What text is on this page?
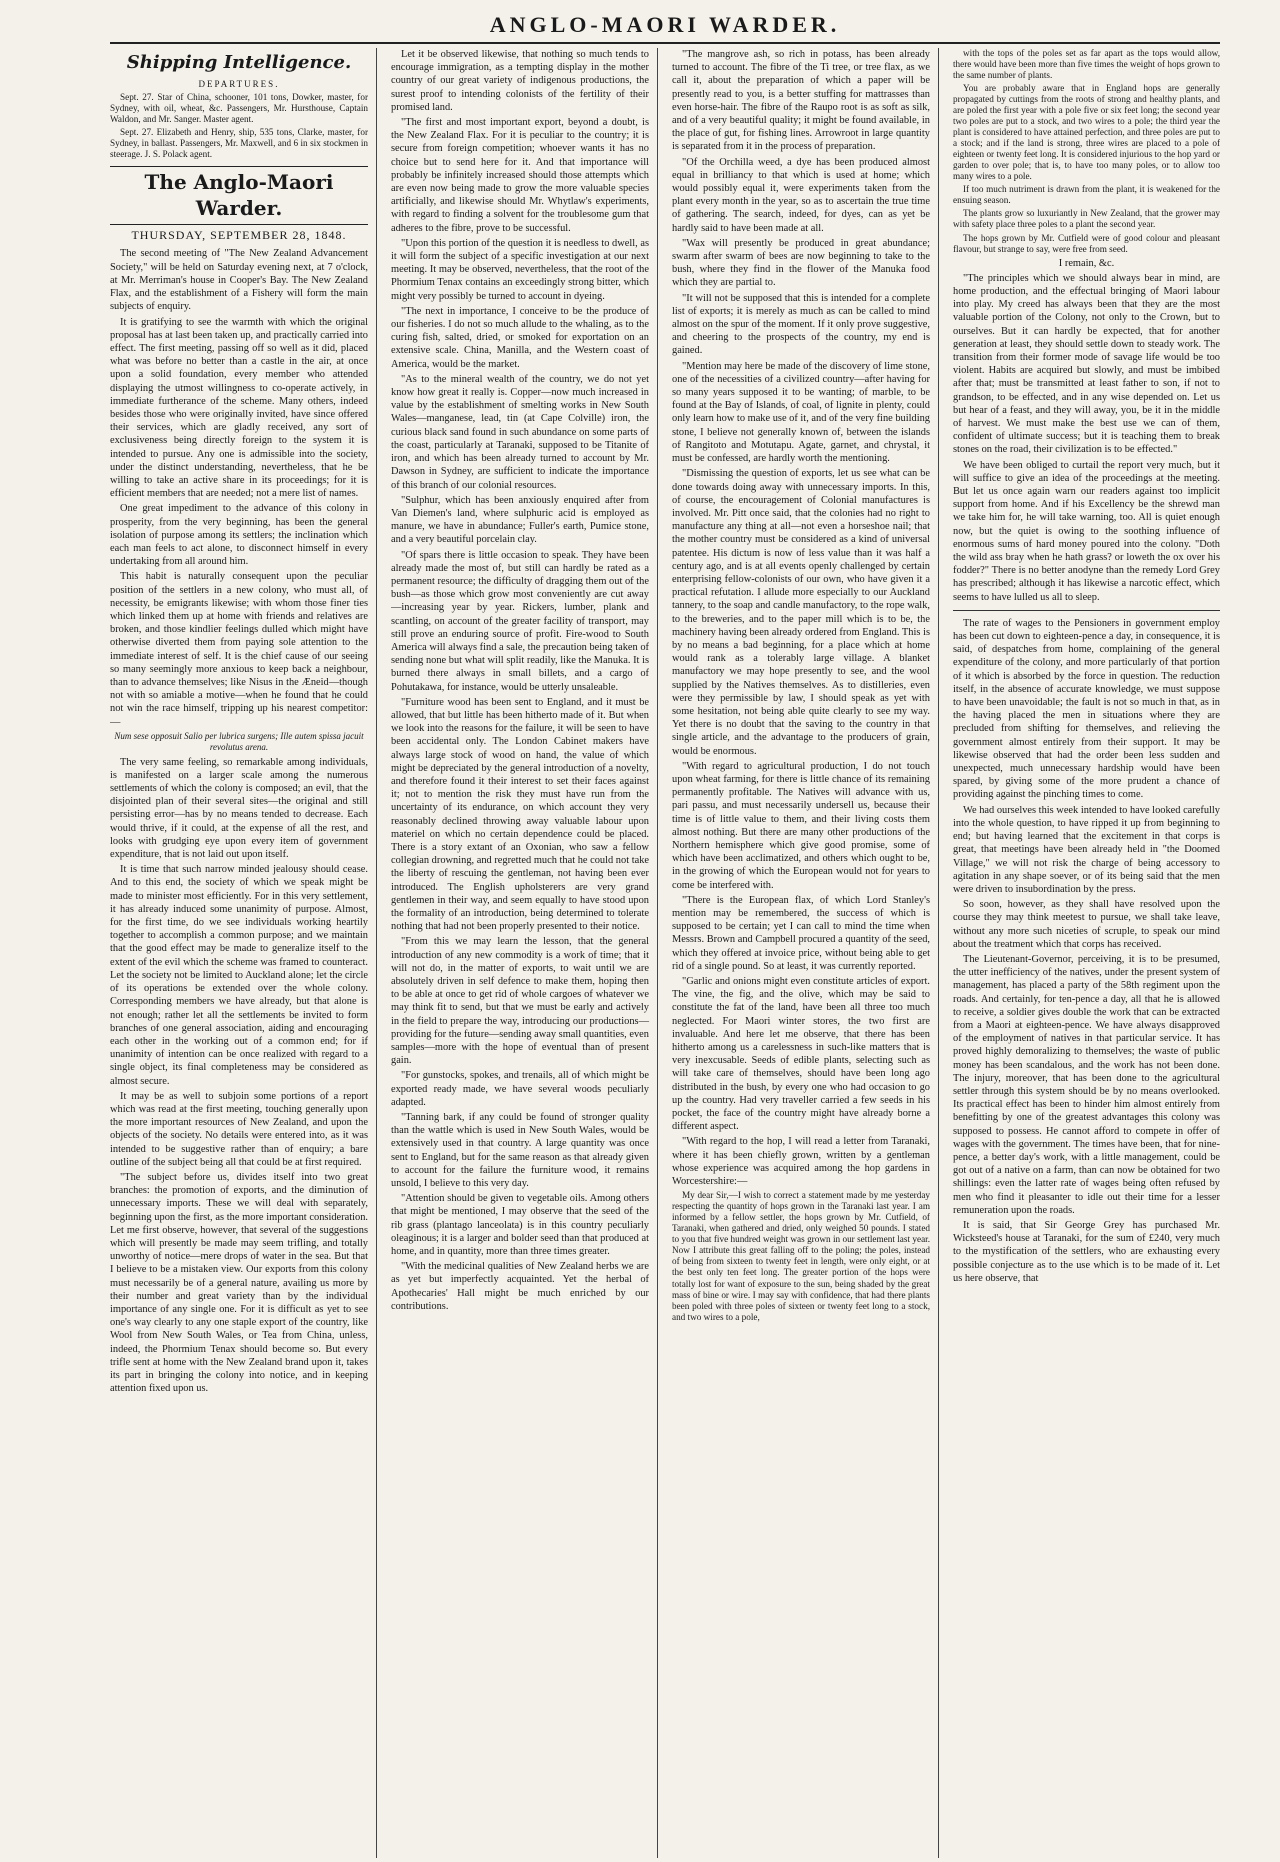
ANGLO-MAORI WARDER.
Shipping Intelligence.
DEPARTURES.

Sept. 27. Star of China, schooner, 101 tons, Dowker, master, for Sydney, with oil, wheat, &c. Passengers, Mr. Hursthouse, Captain Waldon, and Mr. Sanger. Master agent.

Sept. 27. Elizabeth and Henry, ship, 535 tons, Clarke, master, for Sydney, in ballast. Passengers, Mr. Maxwell, and 6 in six stockmen in steerage. J. S. Polack agent.

The Anglo-Maori Warder.
THURSDAY, SEPTEMBER 28, 1848.

The second meeting of "The New Zealand Advancement Society," will be held on Saturday evening next, at 7 o'clock, at Mr. Merriman's house in Cooper's Bay. The New Zealand Flax, and the establishment of a Fishery will form the main subjects of enquiry.

It is gratifying to see the warmth with which the original proposal has at last been taken up, and practically carried into effect. The first meeting, passing off so well as it did, placed what was before no better than a castle in the air, at once upon a solid foundation, every member who attended displaying the utmost willingness to co-operate actively, in immediate furtherance of the scheme. Many others, indeed besides those who were originally invited, have since offered their services, which are gladly received, any sort of exclusiveness being directly foreign to the system it is intended to pursue. Any one is admissible into the society, under the distinct understanding, nevertheless, that he be willing to take an active share in its proceedings; for it is efficient members that are needed; not a mere list of names.

One great impediment to the advance of this colony in prosperity, from the very beginning, has been the general isolation of purpose among its settlers; the inclination which each man feels to act alone, to disconnect himself in every undertaking from all around him.

This habit is naturally consequent upon the peculiar position of the settlers in a new colony, who must all, of necessity, be emigrants likewise; with whom those finer ties which linked them up at home with friends and relatives are broken, and those kindlier feelings dulled which might have otherwise diverted them from paying sole attention to the immediate interest of self. It is the chief cause of our seeing so many seemingly more anxious to keep back a neighbour, than to advance themselves; like Nisus in the Æneid—though not with so amiable a motive—when he found that he could not win the race himself, tripping up his nearest competitor:—

Num sese opposuit Salio per lubrica surgens; Ille autem spissa jacuit revolutus arena.

The very same feeling, so remarkable among individuals, is manifested on a larger scale among the numerous settlements of which the colony is composed; an evil, that the disjointed plan of their several sites—the original and still persisting error—has by no means tended to decrease. Each would thrive, if it could, at the expense of all the rest, and looks with grudging eye upon every item of government expenditure, that is not laid out upon itself.

It is time that such narrow minded jealousy should cease. And to this end, the society of which we speak might be made to minister most efficiently. For in this very settlement, it has already induced some unanimity of purpose. Almost, for the first time, do we see individuals working heartily together to accomplish a common purpose; and we maintain that the good effect may be made to generalize itself to the extent of the evil which the scheme was framed to counteract. Let the society not be limited to Auckland alone; let the circle of its operations be extended over the whole colony. Corresponding members we have already, but that alone is not enough; rather let all the settlements be invited to form branches of one general association, aiding and encouraging each other in the working out of a common end; for if unanimity of intention can be once realized with regard to a single object, its final completeness may be considered as almost secure.

It may be as well to subjoin some portions of a report which was read at the first meeting, touching generally upon the more important resources of New Zealand, and upon the objects of the society. No details were entered into, as it was intended to be suggestive rather than of enquiry; a bare outline of the subject being all that could be at first required.

"The subject before us, divides itself into two great branches: the promotion of exports, and the diminution of unnecessary imports. These we will deal with separately, beginning upon the first, as the more important consideration. Let me first observe, however, that several of the suggestions which will presently be made may seem trifling, and totally unworthy of notice—mere drops of water in the sea. But that I believe to be a mistaken view. Our exports from this colony must necessarily be of a general nature, availing us more by their number and great variety than by the individual importance of any single one. For it is difficult as yet to see one's way clearly to any one staple export of the country, like Wool from New South Wales, or Tea from China, unless, indeed, the Phormium Tenax should become so. But every trifle sent at home with the New Zealand brand upon it, takes its part in bringing the colony into notice, and in keeping attention fixed upon us.

Let it be observed likewise, that nothing so much tends to encourage immigration, as a tempting display in the mother country of our great variety of indigenous productions, the surest proof to intending colonists of the fertility of their promised land.

"The first and most important export, beyond a doubt, is the New Zealand Flax. For it is peculiar to the country; it is secure from foreign competition; whoever wants it has no choice but to send here for it. And that importance will probably be infinitely increased should those attempts which are even now being made to grow the more valuable species artificially, and likewise should Mr. Whytlaw's experiments, with regard to finding a solvent for the troublesome gum that adheres to the fibre, prove to be successful.

"Upon this portion of the question it is needless to dwell, as it will form the subject of a specific investigation at our next meeting. It may be observed, nevertheless, that the root of the Phormium Tenax contains an exceedingly strong bitter, which might very possibly be turned to account in dyeing.

"The next in importance, I conceive to be the produce of our fisheries. I do not so much allude to the whaling, as to the curing fish, salted, dried, or smoked for exportation on an extensive scale. China, Manilla, and the Western coast of America, would be the market.

"As to the mineral wealth of the country, we do not yet know how great it really is. Copper—now much increased in value by the establishment of smelting works in New South Wales—manganese, lead, tin (at Cape Colville) iron, the curious black sand found in such abundance on some parts of the coast, particularly at Taranaki, supposed to be Titanite of iron, and which has been already turned to account by Mr. Dawson in Sydney, are sufficient to indicate the importance of this branch of our colonial resources.

"Sulphur, which has been anxiously enquired after from Van Diemen's land, where sulphuric acid is employed as manure, we have in abundance; Fuller's earth, Pumice stone, and a very beautiful porcelain clay.

"Of spars there is little occasion to speak. They have been already made the most of, but still can hardly be rated as a permanent resource; the difficulty of dragging them out of the bush—as those which grow most conveniently are cut away—increasing year by year. Rickers, lumber, plank and scantling, on account of the greater facility of transport, may still prove an enduring source of profit. Fire-wood to South America will always find a sale, the precaution being taken of sending none but what will split readily, like the Manuka. It is burned there always in small billets, and a cargo of Pohutakawa, for instance, would be utterly unsaleable.

"Furniture wood has been sent to England, and it must be allowed, that but little has been hitherto made of it. But when we look into the reasons for the failure, it will be seen to have been accidental only. The London Cabinet makers have always large stock of wood on hand, the value of which might be depreciated by the general introduction of a novelty, and therefore found it their interest to set their faces against it; not to mention the risk they must have run from the uncertainty of its endurance, on which account they very reasonably declined throwing away valuable labour upon materiel on which no certain dependence could be placed. There is a story extant of an Oxonian, who saw a fellow collegian drowning, and regretted much that he could not take the liberty of rescuing the gentleman, not having been ever introduced. The English upholsterers are very grand gentlemen in their way, and seem equally to have stood upon the formality of an introduction, being determined to tolerate nothing that had not been properly presented to their notice.

"From this we may learn the lesson, that the general introduction of any new commodity is a work of time; that it will not do, in the matter of exports, to wait until we are absolutely driven in self defence to make them, hoping then to be able at once to get rid of whole cargoes of whatever we may think fit to send, but that we must be early and actively in the field to prepare the way, introducing our productions—providing for the future—sending away small quantities, even samples—more with the hope of eventual than of present gain.

"For gunstocks, spokes, and trenails, all of which might be exported ready made, we have several woods peculiarly adapted.

"Tanning bark, if any could be found of stronger quality than the wattle which is used in New South Wales, would be extensively used in that country. A large quantity was once sent to England, but for the same reason as that already given to account for the failure the furniture wood, it remains unsold, I believe to this very day.

"Attention should be given to vegetable oils. Among others that might be mentioned, I may observe that the seed of the rib grass (plantago lanceolata) is in this country peculiarly oleaginous; it is a larger and bolder seed than that produced at home, and in quantity, more than three times greater.

"With the medicinal qualities of New Zealand herbs we are as yet but imperfectly acquainted. Yet the herbal of Apothecaries' Hall might be much enriched by our contributions.

"The mangrove ash, so rich in potass, has been already turned to account. The fibre of the Ti tree, or tree flax, as we call it, about the preparation of which a paper will be presently read to you, is a better stuffing for mattrasses than even horse-hair. The fibre of the Raupo root is as soft as silk, and of a very beautiful quality; it might be found available, in the place of gut, for fishing lines. Arrowroot in large quantity is separated from it in the process of preparation.

"Of the Orchilla weed, a dye has been produced almost equal in brilliancy to that which is used at home; which would possibly equal it, were experiments taken from the plant every month in the year, so as to ascertain the true time of gathering. The search, indeed, for dyes, can as yet be hardly said to have been made at all.

"Wax will presently be produced in great abundance; swarm after swarm of bees are now beginning to take to the bush, where they find in the flower of the Manuka food which they are partial to.

"It will not be supposed that this is intended for a complete list of exports; it is merely as much as can be called to mind almost on the spur of the moment. If it only prove suggestive, and cheering to the prospects of the country, my end is gained.

"Mention may here be made of the discovery of lime stone, one of the necessities of a civilized country—after having for so many years supposed it to be wanting; of marble, to be found at the Bay of Islands, of coal, of lignite in plenty, could only learn how to make use of it, and of the very fine building stone, I believe not generally known of, between the islands of Rangitoto and Motutapu. Agate, garnet, and chrystal, it must be confessed, are hardly worth the mentioning.

"Dismissing the question of exports, let us see what can be done towards doing away with unnecessary imports. In this, of course, the encouragement of Colonial manufactures is involved. Mr. Pitt once said, that the colonies had no right to manufacture any thing at all—not even a horseshoe nail; that the mother country must be considered as a kind of universal patentee. His dictum is now of less value than it was half a century ago, and is at all events openly challenged by certain enterprising fellow-colonists of our own, who have given it a practical refutation. I allude more especially to our Auckland tannery, to the soap and candle manufactory, to the rope walk, to the breweries, and to the paper mill which is to be, the machinery having been already ordered from England. This is by no means a bad beginning, for a place which at home would rank as a tolerably large village. A blanket manufactory we may hope presently to see, and the wool supplied by the Natives themselves. As to distilleries, even were they permissible by law, I should speak as yet with some hesitation, not being able quite clearly to see my way. Yet there is no doubt that the saving to the country in that single article, and the advantage to the producers of grain, would be enormous.

"With regard to agricultural production, I do not touch upon wheat farming, for there is little chance of its remaining permanently profitable. The Natives will advance with us, pari passu, and must necessarily undersell us, because their time is of little value to them, and their living costs them almost nothing. But there are many other productions of the Northern hemisphere which give good promise, some of which have been acclimatized, and others which ought to be, in the growing of which the European would not for years to come be interfered with.

"There is the European flax, of which Lord Stanley's mention may be remembered, the success of which is supposed to be certain; yet I can call to mind the time when Messrs. Brown and Campbell procured a quantity of the seed, which they offered at invoice price, without being able to get rid of a single pound. So at least, it was currently reported.

"Garlic and onions might even constitute articles of export. The vine, the fig, and the olive, which may be said to constitute the fat of the land, have been all three too much neglected. For Maori winter stores, the two first are invaluable. And here let me observe, that there has been hitherto among us a carelessness in such-like matters that is very inexcusable. Seeds of edible plants, selecting such as will take care of themselves, should have been long ago distributed in the bush, by every one who had occasion to go up the country. Had very traveller carried a few seeds in his pocket, the face of the country might have already borne a different aspect.

"With regard to the hop, I will read a letter from Taranaki, where it has been chiefly grown, written by a gentleman whose experience was acquired among the hop gardens in Worcestershire:—

My dear Sir,—I wish to correct a statement made by me yesterday respecting the quantity of hops grown in the Taranaki last year. I am informed by a fellow settler, the hops grown by Mr. Cutfield, of Taranaki, when gathered and dried, only weighed 50 pounds. I stated to you that five hundred weight was grown in our settlement last year. Now I attribute this great falling off to the poling; the poles, instead of being from sixteen to twenty feet in length, were only eight, or at the best only ten feet long. The greater portion of the hops were totally lost for want of exposure to the sun, being shaded by the great mass of bine or wire. I may say with confidence, that had there plants been poled with three poles of sixteen or twenty feet long to a stock, and two wires to a pole,

with the tops of the poles set as far apart as the tops would allow, there would have been more than five times the weight of hops grown to the same number of plants.

You are probably aware that in England hops are generally propagated by cuttings from the roots of strong and healthy plants, and are poled the first year with a pole five or six feet long; the second year two poles are put to a stock, and two wires to a pole; the third year the plant is considered to have attained perfection, and three poles are put to a stock; and if the land is strong, three wires are placed to a pole of eighteen or twenty feet long. It is considered injurious to the hop yard or garden to over pole; that is, to have too many poles, or to allow too many wires to a pole.

If too much nutriment is drawn from the plant, it is weakened for the ensuing season.

The plants grow so luxuriantly in New Zealand, that the grower may with safety place three poles to a plant the second year.

The hops grown by Mr. Cutfield were of good colour and pleasant flavour, but strange to say, were free from seed.

I remain, &c.

"The principles which we should always bear in mind, are home production, and the effectual bringing of Maori labour into play. My creed has always been that they are the most valuable portion of the Colony, not only to the Crown, but to ourselves. But it can hardly be expected, that for another generation at least, they should settle down to steady work. The transition from their former mode of savage life would be too violent. Habits are acquired but slowly, and must be imbibed after that; must be transmitted at least father to son, if not to grandson, to be effected, and in any wise depended on. Let us but hear of a feast, and they will away, you, be it in the middle of harvest. We must make the best use we can of them, confident of ultimate success; but it is teaching them to break stones on the road, their civilization is to be effected."

We have been obliged to curtail the report very much, but it will suffice to give an idea of the proceedings at the meeting. But let us once again warn our readers against too implicit support from home. And if his Excellency be the shrewd man we take him for, he will take warning, too. All is quiet enough now, but the quiet is owing to the soothing influence of enormous sums of hard money poured into the colony. "Doth the wild ass bray when he hath grass? or loweth the ox over his fodder?" There is no better anodyne than the remedy Lord Grey has prescribed; although it has likewise a narcotic effect, which seems to have lulled us all to sleep.

The rate of wages to the Pensioners in government employ has been cut down to eighteen-pence a day, in consequence, it is said, of despatches from home, complaining of the general expenditure of the colony, and more particularly of that portion of it which is absorbed by the force in question. The reduction itself, in the absence of accurate knowledge, we must suppose to have been unavoidable; the fault is not so much in that, as in the having placed the men in situations where they are precluded from shifting for themselves, and relieving the government almost entirely from their support. It may be likewise observed that had the order been less sudden and unexpected, much unnecessary hardship would have been spared, by giving some of the more prudent a chance of providing against the pinching times to come.

We had ourselves this week intended to have looked carefully into the whole question, to have ripped it up from beginning to end; but having learned that the excitement in that corps is great, that meetings have been already held in "the Doomed Village," we will not risk the charge of being accessory to agitation in any shape soever, or of its being said that the men were driven to insubordination by the press.

So soon, however, as they shall have resolved upon the course they may think meetest to pursue, we shall take leave, without any more such niceties of scruple, to speak our mind about the treatment which that corps has received.

The Lieutenant-Governor, perceiving, it is to be presumed, the utter inefficiency of the natives, under the present system of management, has placed a party of the 58th regiment upon the roads. And certainly, for ten-pence a day, all that he is allowed to receive, a soldier gives double the work that can be extracted from a Maori at eighteen-pence. We have always disapproved of the employment of natives in that particular service. It has proved highly demoralizing to themselves; the waste of public money has been scandalous, and the work has not been done. The injury, moreover, that has been done to the agricultural settler through this system should be by no means overlooked. Its practical effect has been to hinder him almost entirely from benefitting by one of the greatest advantages this colony was supposed to possess. He cannot afford to compete in offer of wages with the government. The times have been, that for nine-pence, a better day's work, with a little management, could be got out of a native on a farm, than can now be obtained for two shillings: even the latter rate of wages being often refused by men who find it pleasanter to idle out their time for a lesser remuneration upon the roads.

It is said, that Sir George Grey has purchased Mr. Wicksteed's house at Taranaki, for the sum of £240, very much to the mystification of the settlers, who are exhausting every possible conjecture as to the use which is to be made of it. Let us here observe, that
